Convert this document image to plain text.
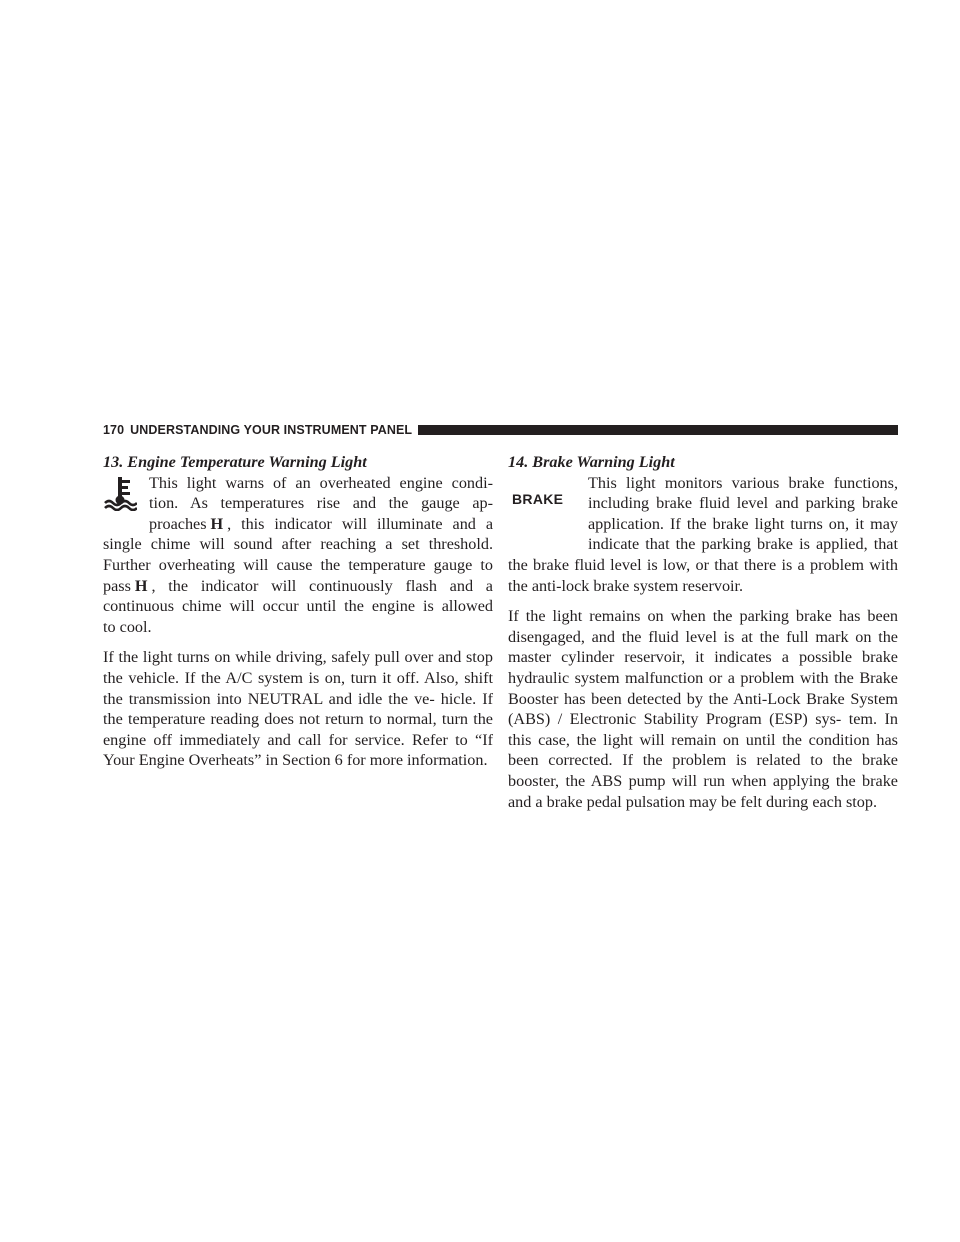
170 UNDERSTANDING YOUR INSTRUMENT PANEL

13. Engine Temperature Warning Light

This light warns of an overheated engine condi-
tion. As temperatures rise and the gauge ap-
proaches H , this indicator will illuminate and a
single chime will sound after reaching a set threshold.
Further overheating will cause the temperature gauge to
pass H , the indicator will continuously flash and a
continuous chime will occur until the engine is allowed
to cool.

If the light turns on while driving, safely pull over and stop the vehicle. If the A/C system is on, turn it off. Also, shift the transmission into NEUTRAL and idle the ve- hicle. If the temperature reading does not return to normal, turn the engine off immediately and call for service. Refer to “If Your Engine Overheats” in Section 6 for more information.

14. Brake Warning Light

BRAKE
This light monitors various brake functions,
including brake fluid level and parking brake
application. If the brake light turns on, it may
indicate that the parking brake is applied, that
the brake fluid level is low, or that there is a problem with
the anti-lock brake system reservoir.

If the light remains on when the parking brake has been disengaged, and the fluid level is at the full mark on the master cylinder reservoir, it indicates a possible brake hydraulic system malfunction or a problem with the Brake Booster has been detected by the Anti-Lock Brake System (ABS) / Electronic Stability Program (ESP) sys- tem. In this case, the light will remain on until the condition has been corrected. If the problem is related to the brake booster, the ABS pump will run when applying the brake and a brake pedal pulsation may be felt during each stop.
